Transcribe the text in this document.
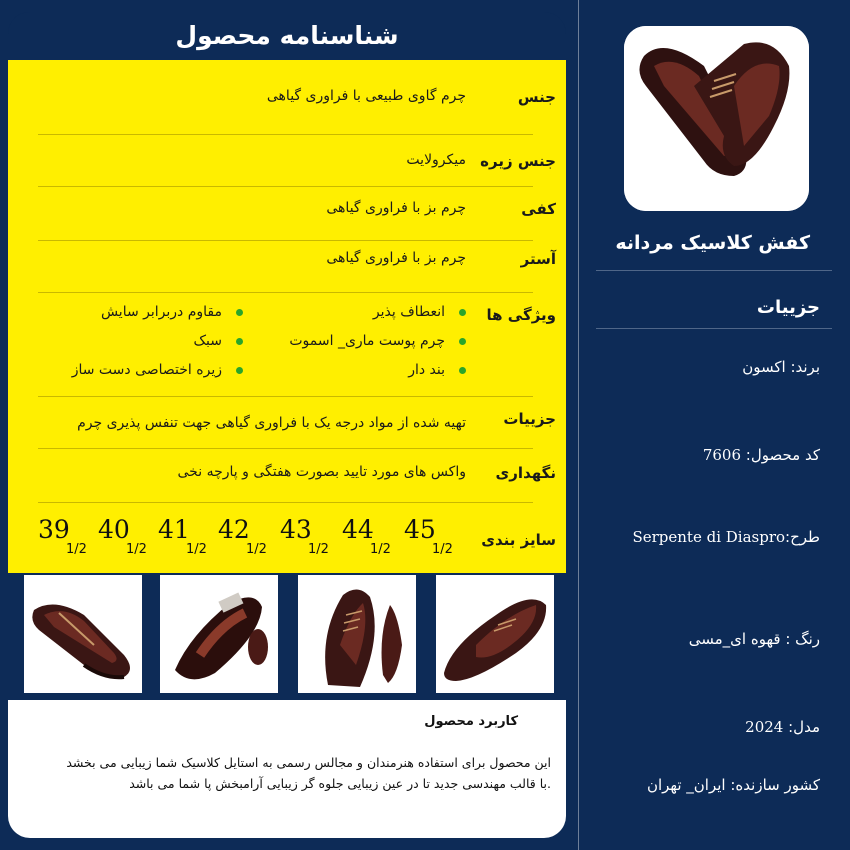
شناسنامه محصول
جنس
چرم گاوی طبیعی با فراوری گیاهی
جنس زیره
میکرولایت
کفی
چرم بز با فراوری گیاهی
آستر
چرم بز با فراوری گیاهی
ویژگی ها
انعطاف پذیر
چرم پوست ماری_ اسموت
بند دار
مقاوم دربرابر سایش
سبک
زیره اختصاصی دست ساز
جزییات
تهیه شده از مواد درجه یک با فراوری گیاهی جهت تنفس پذیری چرم
نگهداری
واکس های مورد تایید بصورت هفتگی و پارچه نخی
سایز بندی
39
1/2
40
1/2
41
1/2
42
1/2
43
1/2
44
1/2
45
1/2
کاربرد محصول
این محصول برای استفاده هنرمندان و مجالس رسمی به استایل کلاسیک شما زیبایی می بخشد
.با قالب مهندسی جدید تا در عین زیبایی جلوه گر زیبایی آرامبخش پا شما می باشد
کفش کلاسیک مردانه
جزییات
برند: اکسون
کد محصول: 7606
طرح:Serpente di Diaspro
رنگ : قهوه ای_مسی
مدل: 2024
کشور سازنده: ایران_ تهران
